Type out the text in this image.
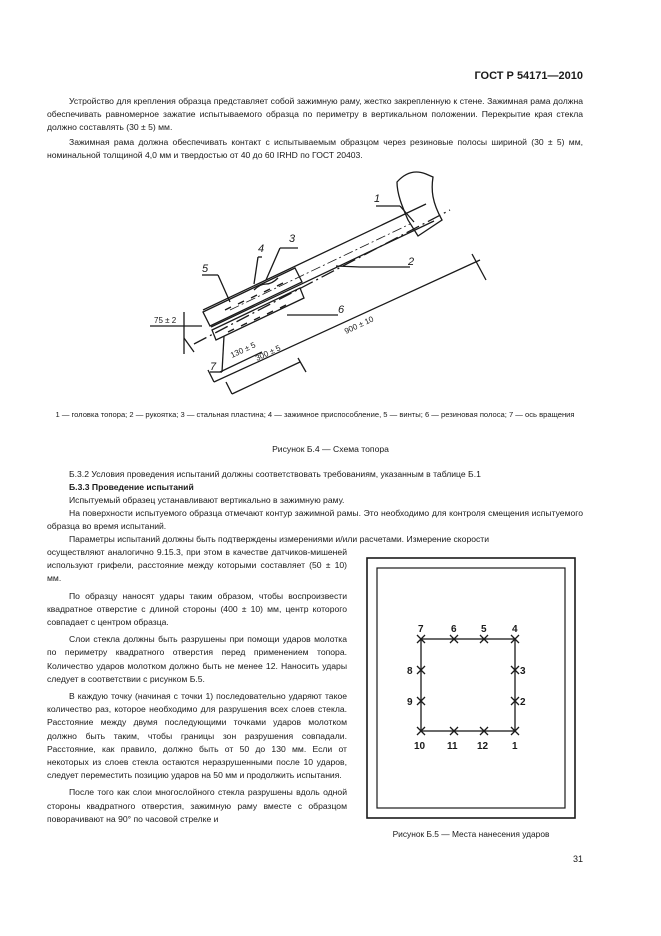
ГОСТ Р 54171—2010

Устройство для крепления образца представляет собой зажимную раму, жестко закрепленную к стене. Зажимная рама должна обеспечивать равномерное зажатие испытываемого образца по периметру в вертикальном положении. Перекрытие края стекла должно составлять (30 ± 5) мм.

Зажимная рама должна обеспечивать контакт с испытываемым образцом через резиновые полосы шириной (30 ± 5) мм, номинальной толщиной 4,0 мм и твердостью от 40 до 60 IRHD по ГОСТ 20403.

1
2
3
4
5
6
7
75 ± 2	900 ± 10
300 ± 5
130 ± 5
1 — головка топора; 2 — рукоятка; 3 — стальная пластина; 4 — зажимное приспособление, 5 — винты; 6 — резиновая полоса; 7 — ось вращения
Рисунок Б.4 — Схема топора

Б.3.2 Условия проведения испытаний должны соответствовать требованиям, указанным в таблице Б.1

Б.3.3 Проведение испытаний

Испытуемый образец устанавливают вертикально в зажимную раму.

На поверхности испытуемого образца отмечают контур зажимной рамы. Это необходимо для контроля смещения испытуемого образца во время испытаний.

Параметры испытаний должны быть подтверждены измерениями и/или расчетами. Измерение скорости

осуществляют аналогично 9.15.3, при этом в качестве датчиков-мишеней используют грифели, расстояние между которыми составляет (50 ± 10) мм.

По образцу наносят удары таким образом, чтобы воспроизвести квадратное отверстие с длиной стороны (400 ± 10) мм, центр которого совпадает с центром образца.

Слои стекла должны быть разрушены при помощи ударов молотка по периметру квадратного отверстия перед применением топора. Количество ударов молотком должно быть не менее 12. Наносить удары следует в соответствии с рисунком Б.5.

В каждую точку (начиная с точки 1) последовательно ударяют такое количество раз, которое необходимо для разрушения всех слоев стекла. Расстояние между двумя последующими точками ударов молотком должно быть таким, чтобы границы зон разрушения совпадали. Расстояние, как правило, должно быть от 50 до 130 мм. Если от некоторых из слоев стекла остаются неразрушенными после 10 ударов, следует переместить позицию ударов на 50 мм и продолжить испытания.

После того как слои многослойного стекла разрушены вдоль одной стороны квадратного отверстия, зажимную раму вместе с образцом поворачивают на 90° по часовой стрелке и

1
2
3
4
5
6
7
8
9
10 11 12
Рисунок Б.5 — Места нанесения ударов
31
